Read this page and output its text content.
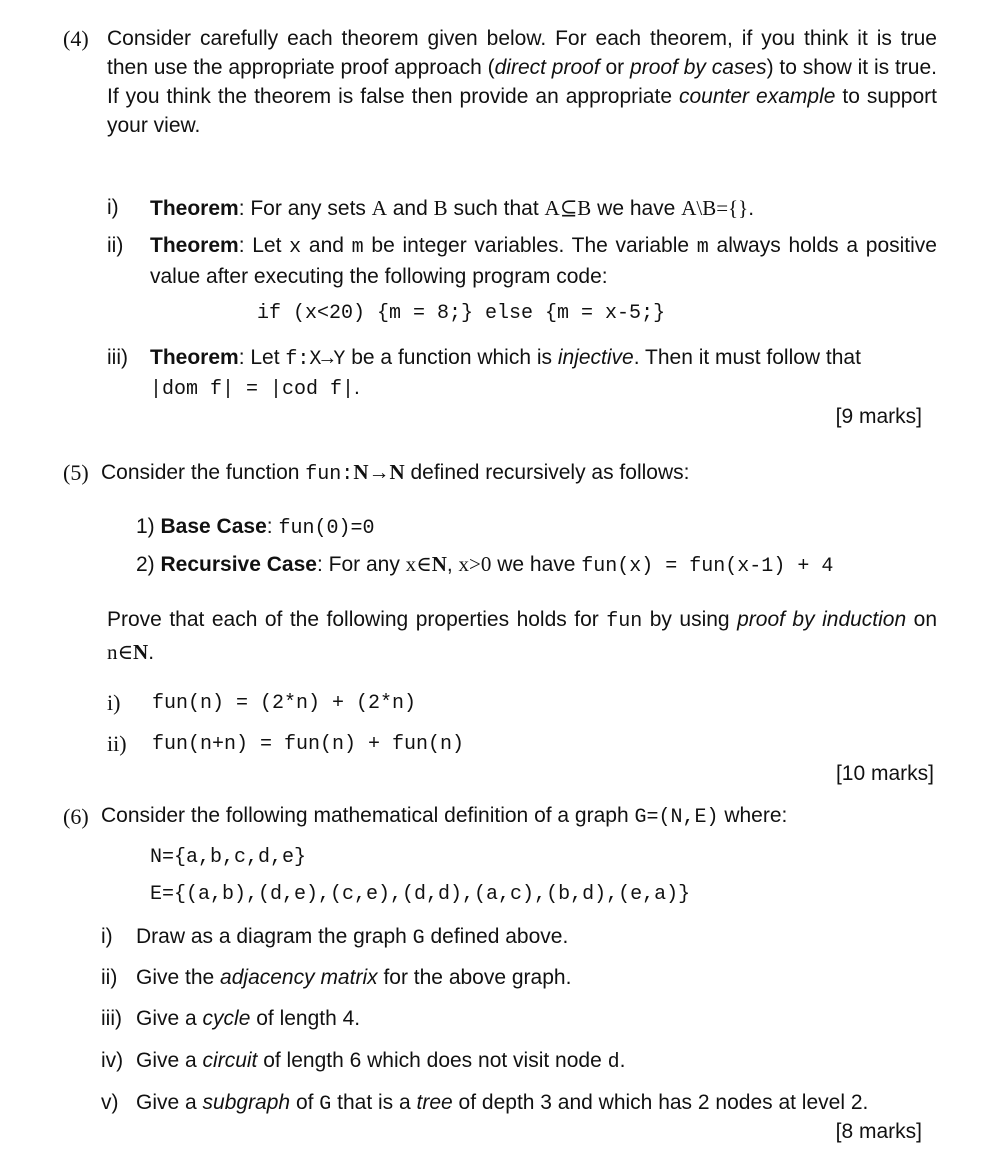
(4) Consider carefully each theorem given below. For each theorem, if you think it is true then use the appropriate proof approach (direct proof or proof by cases) to show it is true. If you think the theorem is false then provide an appropriate counter example to support your view.
i) Theorem: For any sets A and B such that A⊆B we have A\B={}.
ii) Theorem: Let x and m be integer variables. The variable m always holds a positive value after executing the following program code:
if (x<20) {m = 8;} else {m = x-5;}
iii) Theorem: Let f:X→Y be a function which is injective. Then it must follow that
|dom f| = |cod f|.
[9 marks]
(5) Consider the function fun:N→N defined recursively as follows:
1) Base Case: fun(0)=0
2) Recursive Case: For any x∈N, x>0 we have fun(x) = fun(x-1) + 4
Prove that each of the following properties holds for fun by using proof by induction on n∈N.
i) fun(n) = (2*n) + (2*n)
ii) fun(n+n) = fun(n) + fun(n)
[10 marks]
(6) Consider the following mathematical definition of a graph G=(N,E) where:
N={a,b,c,d,e}
E={(a,b),(d,e),(c,e),(d,d),(a,c),(b,d),(e,a)}
i) Draw as a diagram the graph G defined above.
ii) Give the adjacency matrix for the above graph.
iii) Give a cycle of length 4.
iv) Give a circuit of length 6 which does not visit node d.
v) Give a subgraph of G that is a tree of depth 3 and which has 2 nodes at level 2.
[8 marks]
